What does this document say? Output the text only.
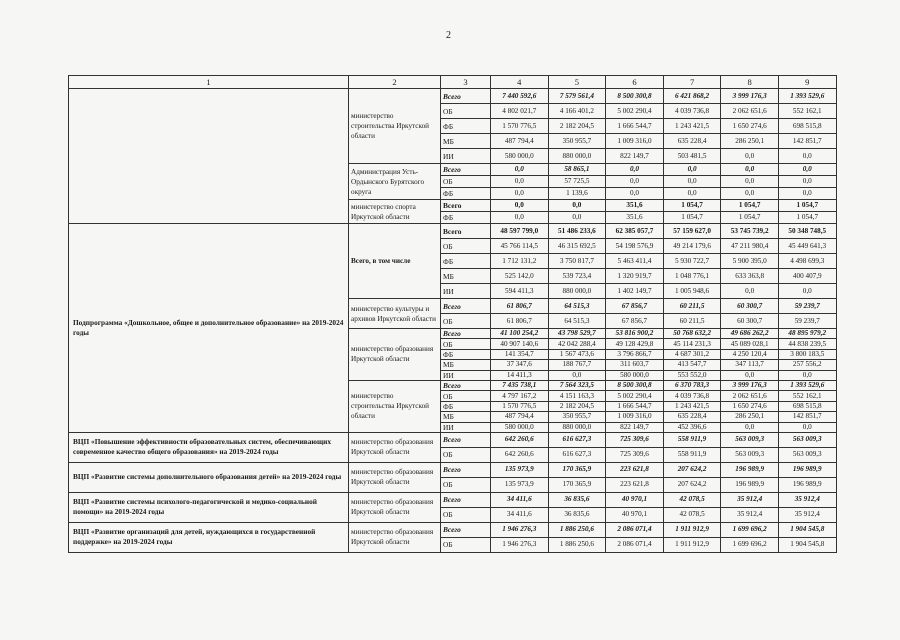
2
1	2	3	4	5	6	7	8	9
	министерство строительства Иркутской области	Всего	7 440 592,6	7 579 561,4	8 500 300,8	6 421 868,2	3 999 176,3	1 393 529,6
		ОБ	4 802 021,7	4 166 401,2	5 002 290,4	4 039 736,8	2 062 651,6	552 162,1
		ФБ	1 570 776,5	2 182 204,5	1 666 544,7	1 243 421,5	1 650 274,6	698 515,8
		МБ	487 794,4	350 955,7	1 009 316,0	635 228,4	286 250,1	142 851,7
		ИИ	580 000,0	880 000,0	822 149,7	503 481,5	0,0	0,0
	Администрация Усть-Ордынского Бурятского округа	Всего	0,0	58 865,1	0,0	0,0	0,0	0,0
		ОБ	0,0	57 725,5	0,0	0,0	0,0	0,0
		ФБ	0,0	1 139,6	0,0	0,0	0,0	0,0
	министерство спорта Иркутской области	Всего	0,0	0,0	351,6	1 054,7	1 054,7	1 054,7
		ФБ	0,0	0,0	351,6	1 054,7	1 054,7	1 054,7
Подпрограмма «Дошкольное, общее и дополнительное образование» на 2019-2024 годы	Всего, в том числе	Всего	48 597 799,0	51 486 233,6	62 385 057,7	57 159 627,0	53 745 739,2	50 348 748,5
		ОБ	45 766 114,5	46 315 692,5	54 198 576,9	49 214 179,6	47 211 980,4	45 449 641,3
		ФБ	1 712 131,2	3 750 817,7	5 463 411,4	5 930 722,7	5 900 395,0	4 498 699,3
		МБ	525 142,0	539 723,4	1 320 919,7	1 048 776,1	633 363,8	400 407,9
		ИИ	594 411,3	880 000,0	1 402 149,7	1 005 948,6	0,0	0,0
	министерство культуры и архивов Иркутской области	Всего	61 806,7	64 515,3	67 856,7	60 211,5	60 300,7	59 239,7
		ОБ	61 806,7	64 515,3	67 856,7	60 211,5	60 300,7	59 239,7
	министерство образования Иркутской области	Всего	41 100 254,2	43 798 529,7	53 816 900,2	50 768 632,2	49 686 262,2	48 895 979,2
		ОБ	40 907 140,6	42 042 288,4	49 128 429,8	45 114 231,3	45 089 028,1	44 838 239,5
		ФБ	141 354,7	1 567 473,6	3 796 866,7	4 687 301,2	4 250 120,4	3 800 183,5
		МБ	37 347,6	188 767,7	311 603,7	413 547,7	347 113,7	257 556,2
		ИИ	14 411,3	0,0	580 000,0	553 552,0	0,0	0,0
	министерство строительства Иркутской области	Всего	7 435 738,1	7 564 323,5	8 500 300,8	6 370 783,3	3 999 176,3	1 393 529,6
		ОБ	4 797 167,2	4 151 163,3	5 002 290,4	4 039 736,8	2 062 651,6	552 162,1
		ФБ	1 570 776,5	2 182 204,5	1 666 544,7	1 243 421,5	1 650 274,6	698 515,8
		МБ	487 794,4	350 955,7	1 009 316,0	635 228,4	286 250,1	142 851,7
		ИИ	580 000,0	880 000,0	822 149,7	452 396,6	0,0	0,0
ВЦП «Повышение эффективности образовательных систем, обеспечивающих современное качество общего образования» на 2019-2024 годы	министерство образования Иркутской области	Всего	642 260,6	616 627,3	725 309,6	558 911,9	563 009,3	563 009,3
		ОБ	642 260,6	616 627,3	725 309,6	558 911,9	563 009,3	563 009,3
ВЦП «Развитие системы дополнительного образования детей» на 2019-2024 годы	министерство образования Иркутской области	Всего	135 973,9	170 365,9	223 621,8	207 624,2	196 989,9	196 989,9
		ОБ	135 973,9	170 365,9	223 621,8	207 624,2	196 989,9	196 989,9
ВЦП «Развитие системы психолого-педагогической и медико-социальной помощи» на 2019-2024 годы	министерство образования Иркутской области	Всего	34 411,6	36 835,6	40 970,1	42 078,5	35 912,4	35 912,4
		ОБ	34 411,6	36 835,6	40 970,1	42 078,5	35 912,4	35 912,4
ВЦП «Развитие организаций для детей, нуждающихся в государственной поддержке» на 2019-2024 годы	министерство образования Иркутской области	Всего	1 946 276,3	1 886 250,6	2 086 071,4	1 911 912,9	1 699 696,2	1 904 545,8
		ОБ	1 946 276,3	1 886 250,6	2 086 071,4	1 911 912,9	1 699 696,2	1 904 545,8
